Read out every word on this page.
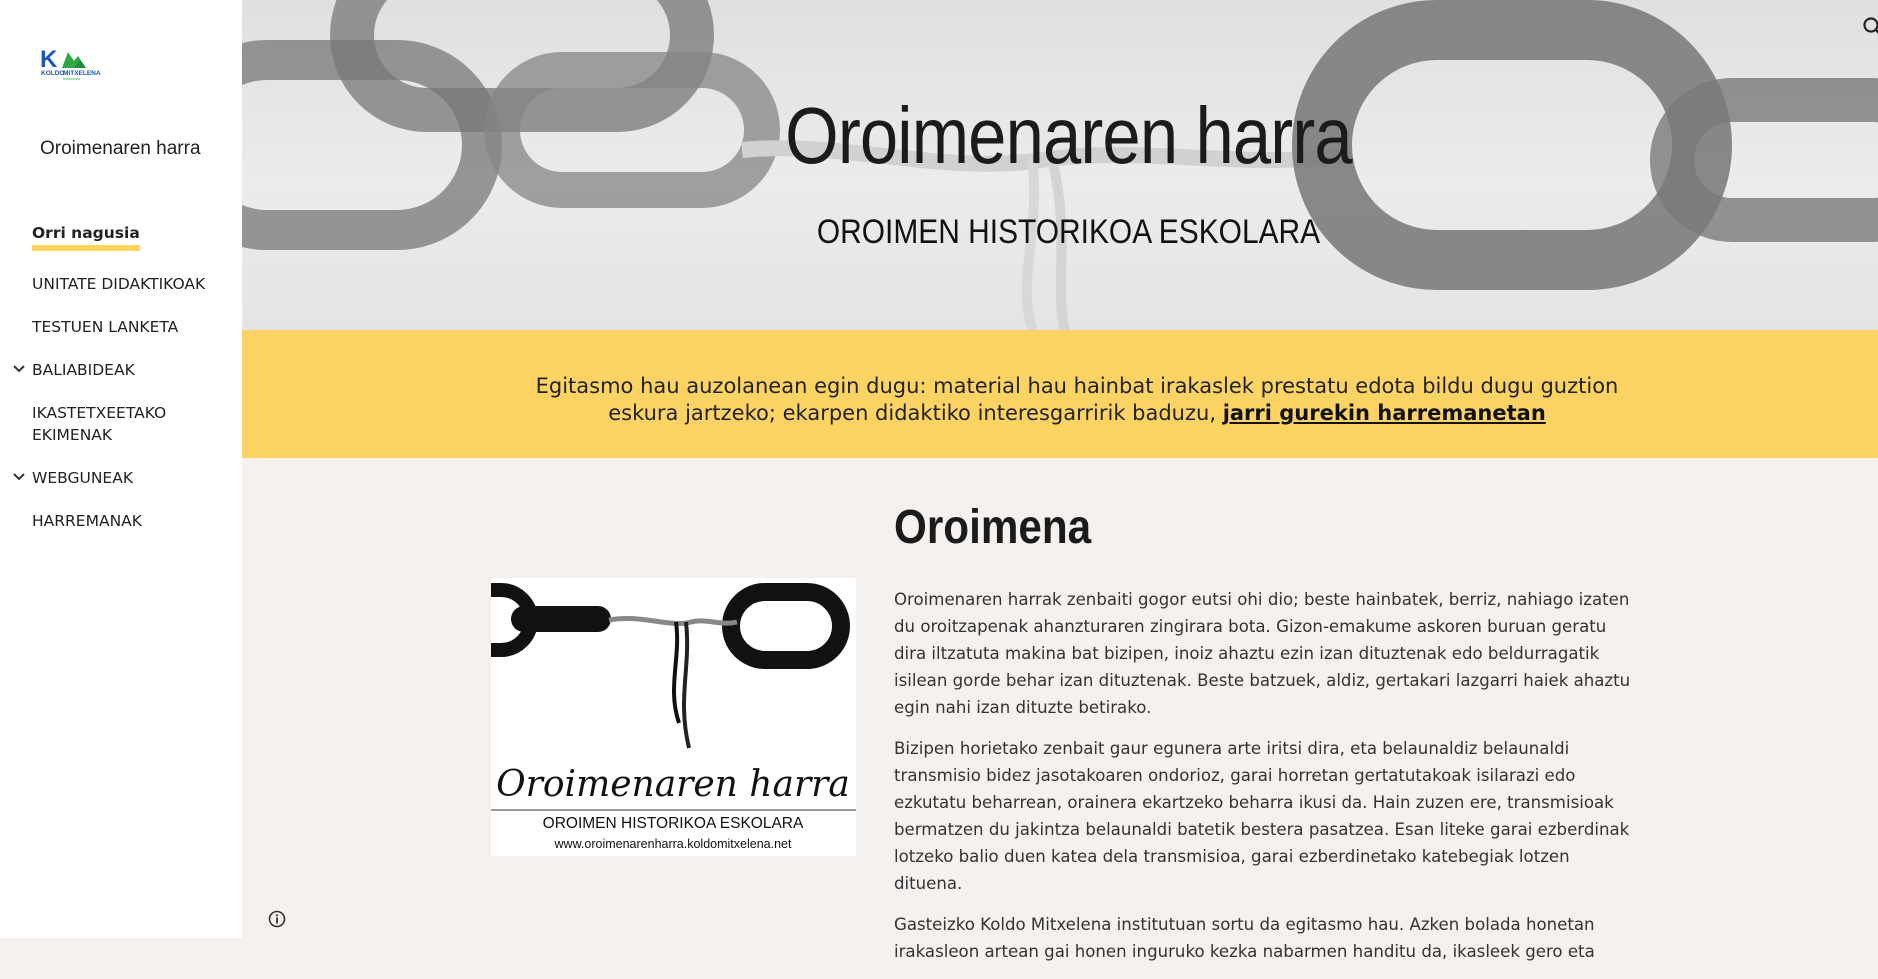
K
KOLDO
MITXELENA
Kulturunea
Oroimenaren harra
Orri nagusia
UNITATE DIDAKTIKOAK
TESTUEN LANKETA
BALIABIDEAK
IKASTETXEETAKO EKIMENAK
WEBGUNEAK
HARREMANAK
Oroimenaren harra
OROIMEN HISTORIKOA ESKOLARA
Egitasmo hau auzolanean egin dugu: material hau hainbat irakaslek prestatu edota bildu dugu guztion eskura jartzeko; ekarpen didaktiko interesgarririk baduzu, jarri gurekin harremanetan
Oroimena
Oroimenaren harra
OROIMEN HISTORIKOA ESKOLARA
www.oroimenarenharra.koldomitxelena.net

Oroimenaren harrak zenbaiti gogor eutsi ohi dio; beste hainbatek, berriz, nahiago izaten du oroitzapenak ahanzturaren zingirara bota. Gizon-emakume askoren buruan geratu dira iltzatuta makina bat bizipen, inoiz ahaztu ezin izan dituztenak edo beldurragatik isilean gorde behar izan dituztenak. Beste batzuek, aldiz, gertakari lazgarri haiek ahaztu egin nahi izan dituzte betirako.

Bizipen horietako zenbait gaur egunera arte iritsi dira, eta belaunaldiz belaunaldi transmisio bidez jasotakoaren ondorioz, garai horretan gertatutakoak isilarazi edo ezkutatu beharrean, orainera ekartzeko beharra ikusi da. Hain zuzen ere, transmisioak bermatzen du jakintza belaunaldi batetik bestera pasatzea. Esan liteke garai ezberdinak lotzeko balio duen katea dela transmisioa, garai ezberdinetako katebegiak lotzen dituena.

Gasteizko Koldo Mitxelena institutuan sortu da egitasmo hau. Azken bolada honetan irakasleon artean gai honen inguruko kezka nabarmen handitu da, ikasleek gero eta
